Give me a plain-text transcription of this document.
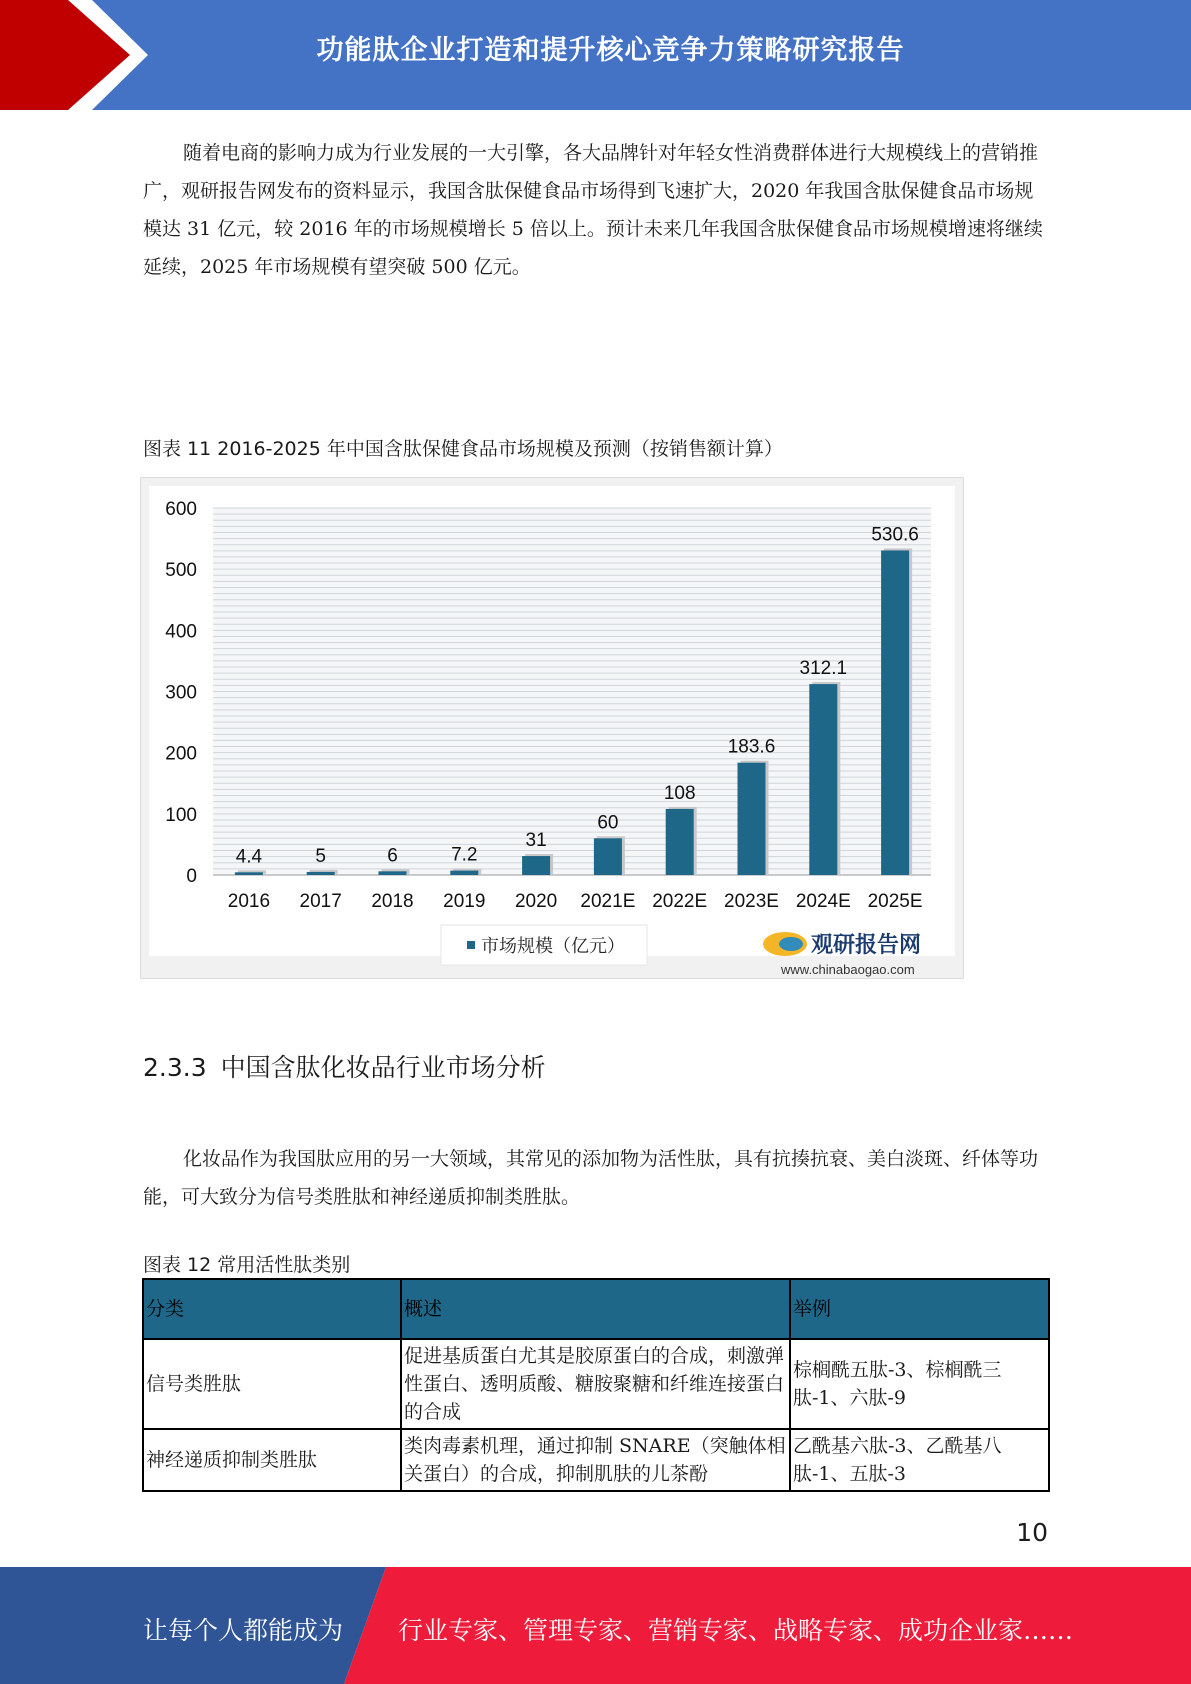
功能肽企业打造和提升核心竞争力策略研究报告

随着电商的影响力成为行业发展的一大引擎，各大品牌针对年轻女性消费群体进行大规模线上的营销推广，观研报告网发布的资料显示，我国含肽保健食品市场得到飞速扩大，2020 年我国含肽保健食品市场规模达 31 亿元，较 2016 年的市场规模增长 5 倍以上。预计未来几年我国含肽保健食品市场规模增速将继续延续，2025 年市场规模有望突破 500 亿元。

图表 11 2016-2025 年中国含肽保健食品市场规模及预测（按销售额计算）
0
100
200
300
400
500
600
4.4
2016
5
2017
6
2018
7.2
2019
31
2020
60
2021E
108
2022E
183.6
2023E
312.1
2024E
530.6
2025E
市场规模（亿元）	观研报告网
www.chinabaogao.com
2.3.3 中国含肽化妆品行业市场分析

化妆品作为我国肽应用的另一大领域，其常见的添加物为活性肽，具有抗揍抗衰、美白淡斑、纤体等功能，可大致分为信号类胜肽和神经递质抑制类胜肽。

图表 12 常用活性肽类别
分类	概述	举例
信号类胜肽	促进基质蛋白尤其是胶原蛋白的合成，刺激弹性蛋白、透明质酸、糖胺聚糖和纤维连接蛋白的合成	棕榈酰五肽-3、棕榈酰三肽-1、六肽-9
神经递质抑制类胜肽	类肉毒素机理，通过抑制 SNARE（突触体相关蛋白）的合成，抑制肌肤的儿茶酚	乙酰基六肽-3、乙酰基八肽-1、五肽-3
10
让每个人都能成为 行业专家、管理专家、营销专家、战略专家、成功企业家……
